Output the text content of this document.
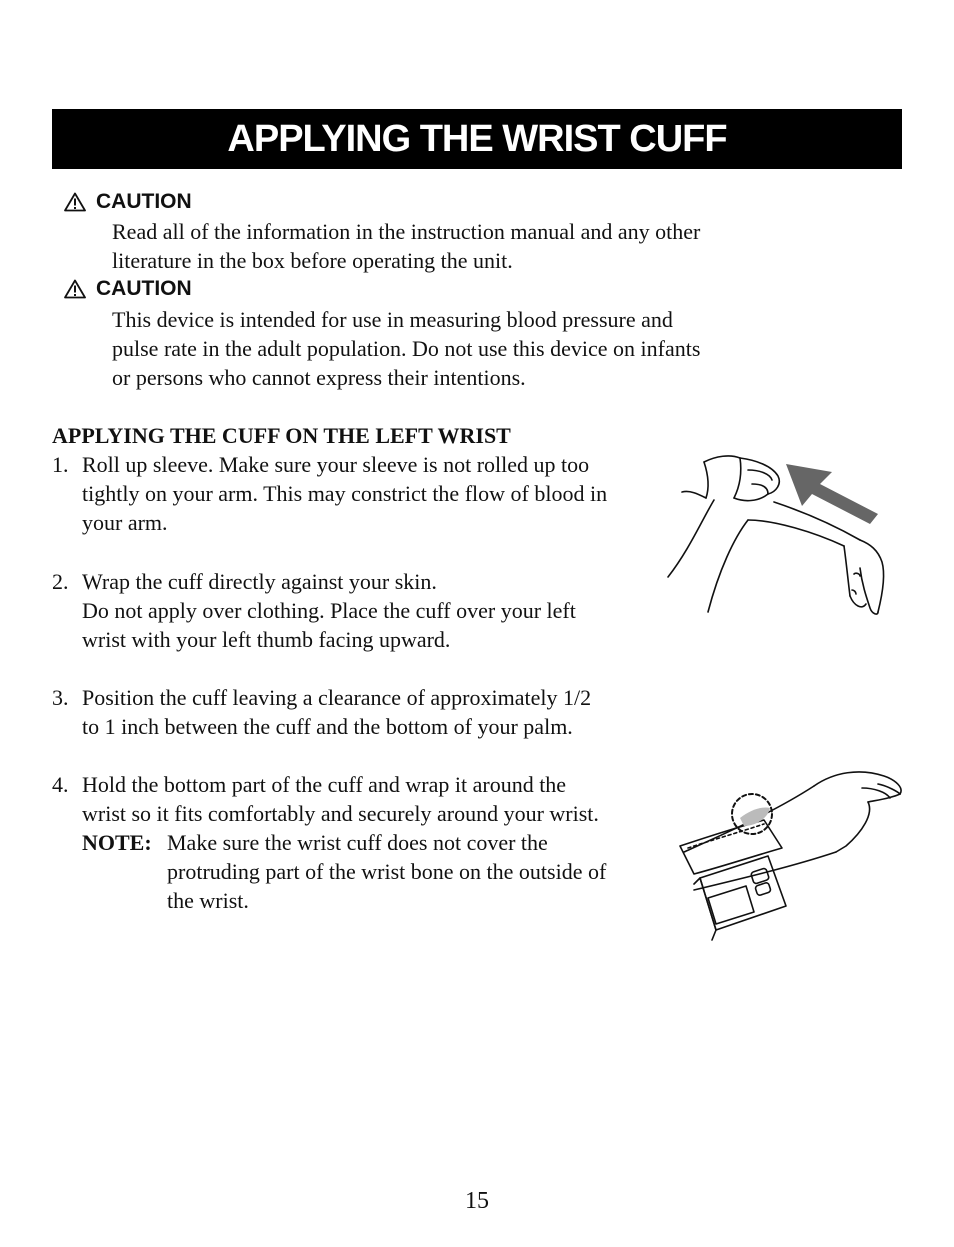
APPLYING THE WRIST CUFF
CAUTION
Read all of the information in the instruction manual and any other
literature in the box before operating the unit.
CAUTION
This device is intended for use in measuring blood pressure and
pulse rate in the adult population. Do not use this device on infants
or persons who cannot express their intentions.
APPLYING THE CUFF ON THE LEFT WRIST
1. Roll up sleeve. Make sure your sleeve is not rolled up too
tightly on your arm. This may constrict the flow of blood in
your arm.
2. Wrap the cuff directly against your skin.
Do not apply over clothing. Place the cuff over your left
wrist with your left thumb facing upward.
3. Position the cuff leaving a clearance of approximately 1/2
to 1 inch between the cuff and the bottom of your palm.
4. Hold the bottom part of the cuff and wrap it around the
wrist so it fits comfortably and securely around your wrist.
NOTE: Make sure the wrist cuff does not cover the
protruding part of the wrist bone on the outside of
the wrist.
15
